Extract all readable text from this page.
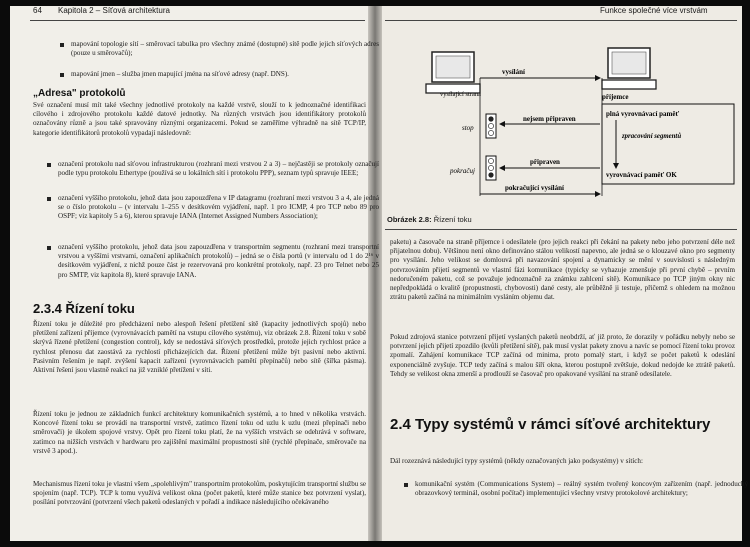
64 Kapitola 2 – Síťová architektura
mapování topologie sítí – směrovací tabulka pro všechny známé (dostupné) sítě podle jejich síťových adres (pouze u směrovačů);
mapování jmen – služba jmen mapující jména na síťové adresy (např. DNS).
„Adresa" protokolů
Své označení musí mít také všechny jednotlivé protokoly na každé vrstvě, slouží to k jednoznačné identifikaci cílového i zdrojového protokolu každé datové jednotky. Na různých vrstvách jsou identifikátory protokolů označovány různě a jsou také spravovány různými organizacemi. Pokud se zaměříme výhradně na sítě TCP/IP, kategorie identifikátorů protokolů vypadají následovně:
označení protokolu nad síťovou infrastrukturou (rozhraní mezi vrstvou 2 a 3) – nejčastěji se protokoly označují podle typu protokolu Ethertype (používá se u lokálních sítí i protokolu PPP), seznam typů spravuje IEEE;
označení vyššího protokolu, jehož data jsou zapouzdřena v IP datagramu (rozhraní mezi vrstvou 3 a 4, ale jedná se o číslo protokolu – (v intervalu 1–255 v desítkovém vyjádření, např. 1 pro ICMP, 4 pro TCP nebo 89 pro OSPF; viz kapitoly 5 a 6), kterou spravuje IANA (Internet Assigned Numbers Association);
označení vyššího protokolu, jehož data jsou zapouzdřena v transportním segmentu (rozhraní mezi transportní vrstvou a vyššími vrstvami, označení aplikačních protokolů) – jedná se o čísla portů (v intervalu od 1 do 2¹⁶ v desítkovém vyjádření, z nichž pouze část je rezervovaná pro konkrétní protokoly, např. 23 pro Telnet nebo 25 pro SMTP, viz kapitola 8), které spravuje IANA.
2.3.4 Řízení toku
Řízení toku je důležité pro předcházení nebo alespoň řešení přetížení sítě (kapacity jednotlivých spojů) nebo přetížení zařízení příjemce (vyrovnávacích pamětí na vstupu cílového systému), viz obrázek 2.8. Řízení toku v sobě skrývá řízené přetížení (congestion control), kdy se nedostává síťových prostředků, protože jejich rychlost práce a rychlost přenosu dat zaostává za rychlostí přicházejících dat. Řízení přetížení může být pasivní nebo aktivní. Pasivním řešením je např. zvýšení kapacit zařízení (vyrovnávacích pamětí přepínačů) nebo sítě (šířka pásma). Aktivní řešení jsou vlastně reakcí na již vzniklé přetížení v síti.
Řízení toku je jednou ze základních funkcí architektury komunikačních systémů, a to hned v několika vrstvách. Koncové řízení toku se provádí na transportní vrstvě, zatímco řízení toku od uzlu k uzlu (mezi přepínači nebo směrovači) je úkolem spojové vrstvy. Opět pro řízení toku platí, že na vyšších vrstvách se odehrává v software, zatímco na nižších vrstvách v hardwaru pro zajištění maximální propustnosti sítě (rychlé přepínače, směrovače na vrstvě 3 apod.).
Mechanismus řízení toku je vlastní všem „spolehlivým" transportním protokolům, poskytujícím transportní službu se spojením (např. TCP). TCP k tomu využívá velikost okna (počet paketů, které může stanice bez potvrzení vyslat), posílání potvrzování (potvrzení všech paketů odeslaných v pořadí a indikace následujícího očekávaného
Funkce společné více vrstvám
vysílající strana	příjemce
vysílání
stop
nejsem připraven
pokračuj
připraven
pokračující vysílání
plná vyrovnávací paměť
zpracování segmentů
vyrovnávací paměť OK
Obrázek 2.8: Řízení toku
paketu) a časovače na straně příjemce i odesílatele (pro jejich reakci při čekání na pakety nebo jeho potvrzení déle než přijatelnou dobu). Většinou není okno definováno stálou velikostí napevno, ale jedná se o klouzavé okno pro segmenty pro vysílání. Jeho velikost se domlouvá při navazování spojení a dynamicky se mění v souvislosti s následným potvrzováním přijetí segmentů ve vlastní fázi komunikace (typicky se vyhazuje zmenšuje při první chybě – prvním nedoručeném paketu, což se považuje jednoznačně za známku zahlcení sítě). Komunikace po TCP jiným okny nic nepředpokládá o kvalitě (propustnosti, chybovosti) dané cesty, ale průběžně ji testuje, přičemž s ohledem na možnou ztrátu paketů začíná na minimálním vysláním objemu dat.
Pokud zdrojová stanice potvrzení přijetí vyslaných paketů neobdrží, ať již proto, že dorazily v pořádku nebyly nebo se potvrzení jejich přijetí zpozdilo (kvůli přetížení sítě), pak musí vyslat pakety znovu a navíc se pomocí řízení toku provoz zpomalí. Zahájení komunikace TCP začíná od minima, proto pomalý start, i když se počet paketů k odeslání exponenciálně zvyšuje. TCP tedy začíná s malou šíří okna, kterou postupně zvětšuje, dokud nedojde ke ztrátě paketů. Tehdy se velikost okna zmenší a prodlouží se časovač pro opakované vysílání na straně odesílatele.
2.4 Typy systémů v rámci síťové architektury
Dál rozeznává následující typy systémů (někdy označovaných jako podsystémy) v sítích:
komunikační systém (Communications System) – reálný systém tvořený koncovým zařízením (např. jednoduchý obrazovkový terminál, osobní počítač) implementující všechny vrstvy protokolové architektury;
